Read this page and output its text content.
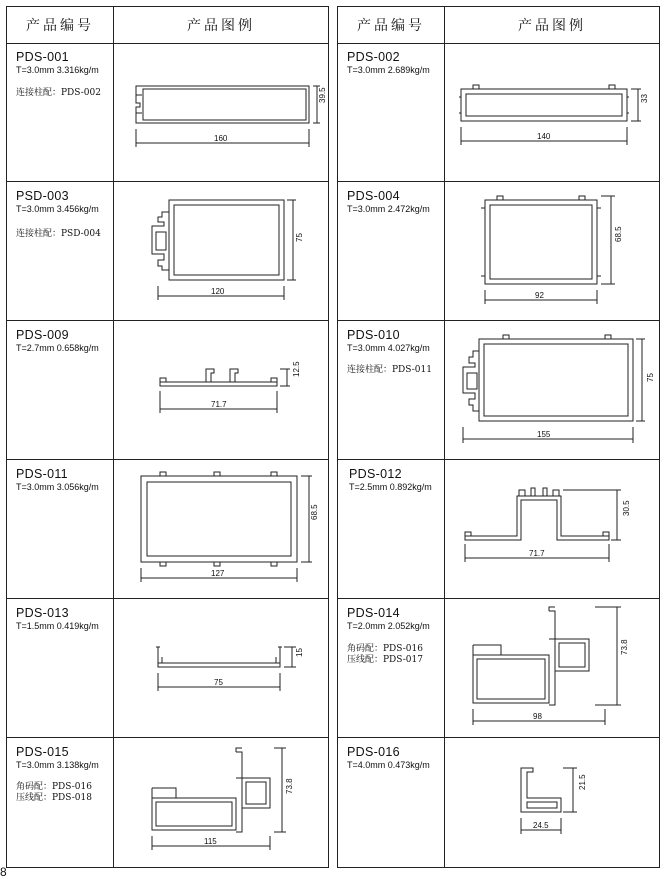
产品编号	产品图例
PDS-001
T=3.0mm 3.316kg/m
连接柱配：PDS-002
160
39.5
PSD-003
T=3.0mm 3.456kg/m
连接柱配：PSD-004
120
75
PDS-009
T=2.7mm 0.658kg/m
71.7
12.5
PDS-011
T=3.0mm 3.056kg/m
127
68.5
PDS-013
T=1.5mm 0.419kg/m
75
15
PDS-015
T=3.0mm 3.138kg/m
角码配：PDS-016
压线配：PDS-018
115
73.8
产品编号	产品图例
PDS-002
T=3.0mm 2.689kg/m
140
33
PDS-004
T=3.0mm 2.472kg/m
92
68.5
PDS-010
T=3.0mm 4.027kg/m
连接柱配：PDS-011
155
75
PDS-012
T=2.5mm 0.892kg/m
71.7
30.5
PDS-014
T=2.0mm 2.052kg/m
角码配：PDS-016
压线配：PDS-017
98
73.8
PDS-016
T=4.0mm 0.473kg/m
24.5
21.5
8
